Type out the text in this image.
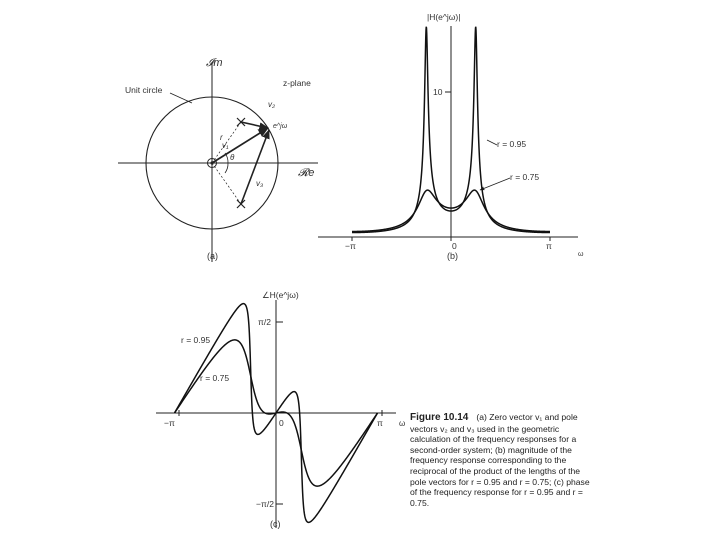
𝓘m
𝓡e
z-plane
Unit circle
v₁
v₂
v₃
r
θ
e^jω
(a)
|H(e^jω)|
10
−π	0	π
ω
r = 0.95
r = 0.75
(b)
∠H(e^jω)
π/2
−π/2
−π	0	π ω
r = 0.95
r = 0.75
(c)
Figure 10.14 (a) Zero vector v₁ and pole vectors v₂ and v₃ used in the geometric calculation of the frequency responses for a second-order system; (b) magnitude of the frequency response corresponding to the reciprocal of the product of the lengths of the pole vectors for r = 0.95 and r = 0.75; (c) phase of the frequency response for r = 0.95 and r = 0.75.
